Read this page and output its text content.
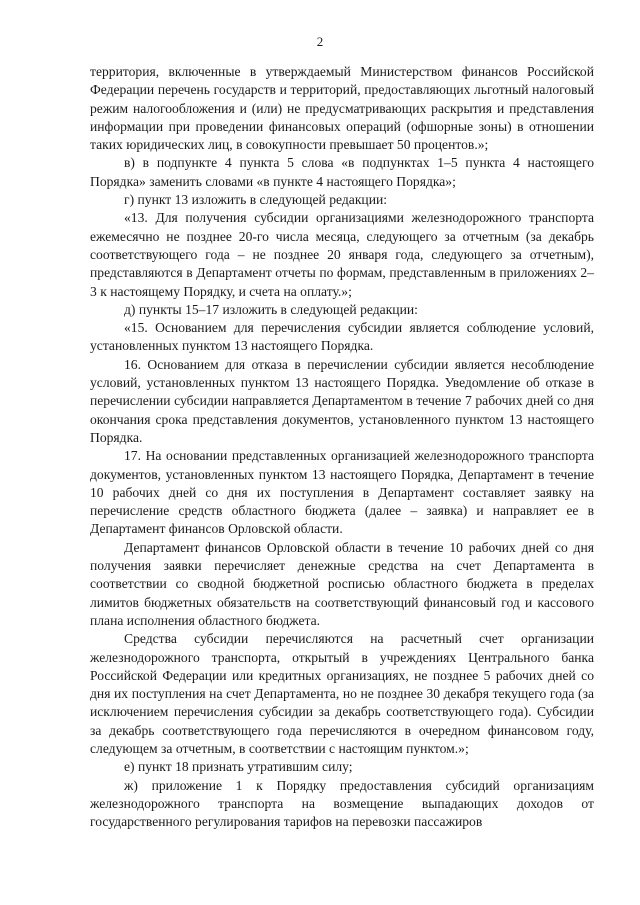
2

территория, включенные в утверждаемый Министерством финансов Российской Федерации перечень государств и территорий, предоставляющих льготный налоговый режим налогообложения и (или) не предусматривающих раскрытия и представления информации при проведении финансовых операций (офшорные зоны) в отношении таких юридических лиц, в совокупности превышает 50 процентов.»;

в) в подпункте 4 пункта 5 слова «в подпунктах 1–5 пункта 4 настоящего Порядка» заменить словами «в пункте 4 настоящего Порядка»;

г) пункт 13 изложить в следующей редакции:

«13. Для получения субсидии организациями железнодорожного транспорта ежемесячно не позднее 20-го числа месяца, следующего за отчетным (за декабрь соответствующего года – не позднее 20 января года, следующего за отчетным), представляются в Департамент отчеты по формам, представленным в приложениях 2–3 к настоящему Порядку, и счета на оплату.»;

д) пункты 15–17 изложить в следующей редакции:

«15. Основанием для перечисления субсидии является соблюдение условий, установленных пунктом 13 настоящего Порядка.

16. Основанием для отказа в перечислении субсидии является несоблюдение условий, установленных пунктом 13 настоящего Порядка. Уведомление об отказе в перечислении субсидии направляется Департаментом в течение 7 рабочих дней со дня окончания срока представления документов, установленного пунктом 13 настоящего Порядка.

17. На основании представленных организацией железнодорожного транспорта документов, установленных пунктом 13 настоящего Порядка, Департамент в течение 10 рабочих дней со дня их поступления в Департамент составляет заявку на перечисление средств областного бюджета (далее – заявка) и направляет ее в Департамент финансов Орловской области.

Департамент финансов Орловской области в течение 10 рабочих дней со дня получения заявки перечисляет денежные средства на счет Департамента в соответствии со сводной бюджетной росписью областного бюджета в пределах лимитов бюджетных обязательств на соответствующий финансовый год и кассового плана исполнения областного бюджета.

Средства субсидии перечисляются на расчетный счет организации железнодорожного транспорта, открытый в учреждениях Центрального банка Российской Федерации или кредитных организациях, не позднее 5 рабочих дней со дня их поступления на счет Департамента, но не позднее 30 декабря текущего года (за исключением перечисления субсидии за декабрь соответствующего года). Субсидии за декабрь соответствующего года перечисляются в очередном финансовом году, следующем за отчетным, в соответствии с настоящим пунктом.»;

е) пункт 18 признать утратившим силу;

ж) приложение 1 к Порядку предоставления субсидий организациям железнодорожного транспорта на возмещение выпадающих доходов от государственного регулирования тарифов на перевозки пассажиров
